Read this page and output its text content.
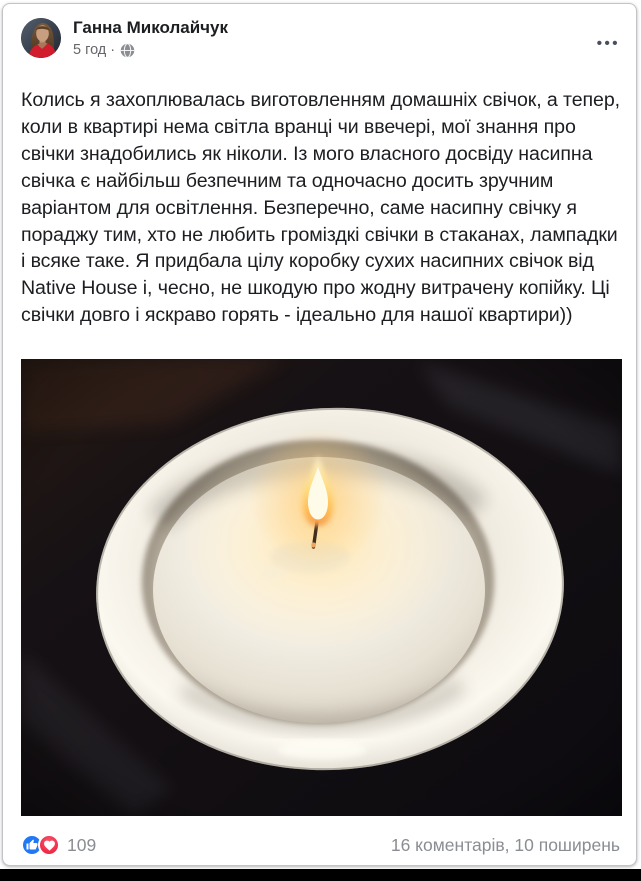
Ганна Миколайчук
5 год ·	•••
Колись я захоплювалась виготовленням домашніх свічок, а тепер, коли в квартирі нема світла вранці чи ввечері, мої знання про свічки знадобились як ніколи. Із мого власного досвіду насипна свічка є найбільш безпечним та одночасно досить зручним варіантом для освітлення. Безперечно, саме насипну свічку я пораджу тим, хто не любить громіздкі свічки в стаканах, лампадки і всяке таке. Я придбала цілу коробку сухих насипних свічок від Native House і, чесно, не шкодую про жодну витрачену копійку. Ці свічки довго і яскраво горять - ідеально для нашої квартири))
109	16 коментарів, 10 поширень
